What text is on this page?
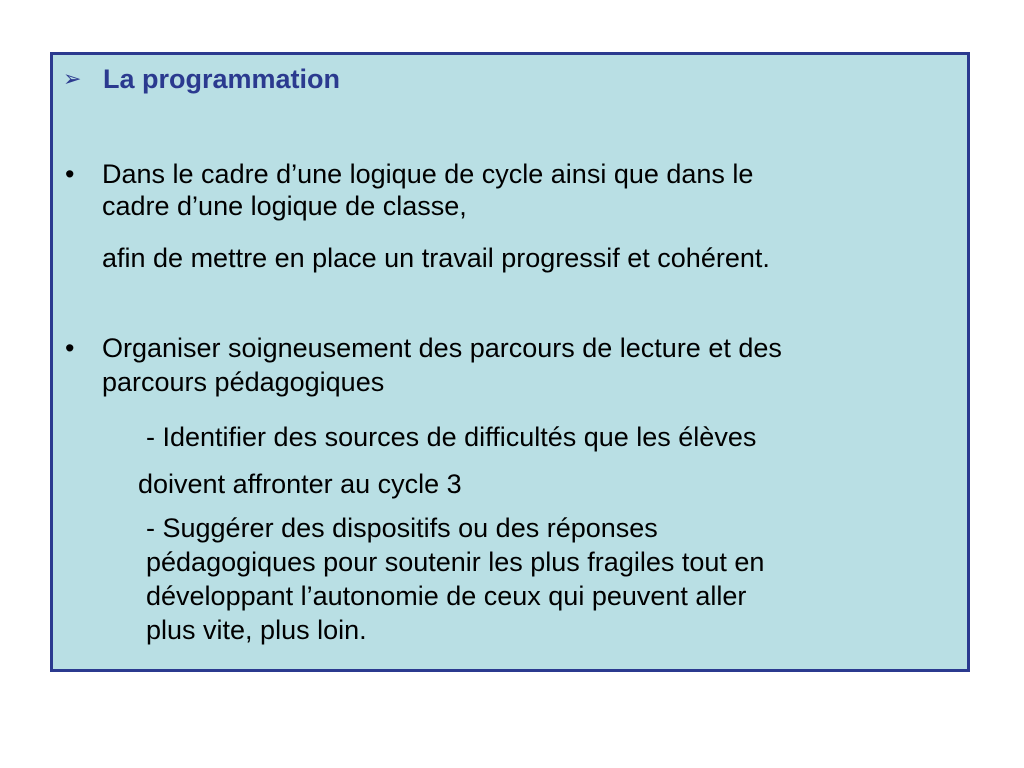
➢ La programmation
• Dans le cadre d’une logique de cycle ainsi que dans le
cadre d’une logique de classe,
afin de mettre en place un travail progressif et cohérent.
• Organiser soigneusement des parcours de lecture et des
parcours pédagogiques
- Identifier des sources de difficultés que les élèves
doivent affronter au cycle 3
- Suggérer des dispositifs ou des réponses
pédagogiques pour soutenir les plus fragiles tout en
développant l’autonomie de ceux qui peuvent aller
plus vite, plus loin.
